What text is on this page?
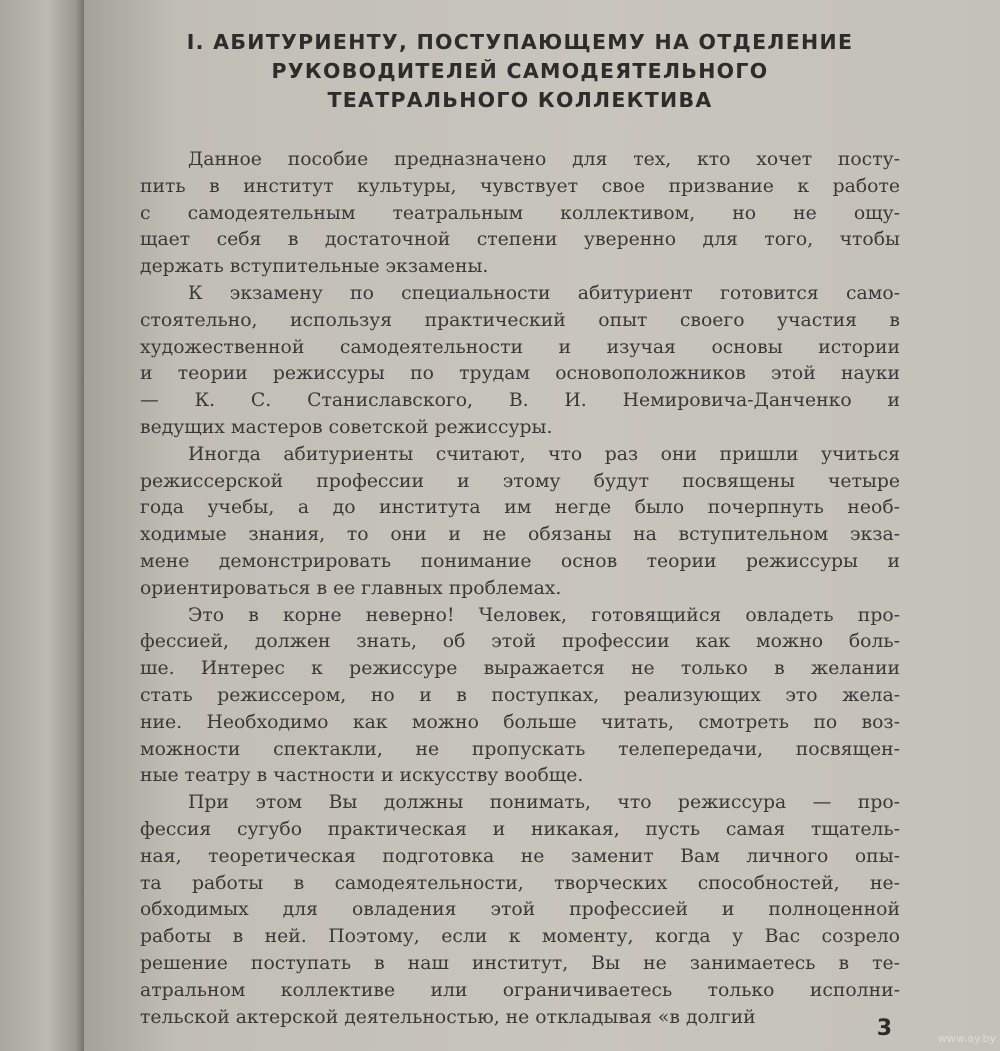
I. АБИТУРИЕНТУ, ПОСТУПАЮЩЕМУ НА ОТДЕЛЕНИЕ
РУКОВОДИТЕЛЕЙ САМОДЕЯТЕЛЬНОГО
ТЕАТРАЛЬНОГО КОЛЛЕКТИВА

Данное пособие предназначено для тех, кто хочет посту-
пить в институт культуры, чувствует свое призвание к работе
с самодеятельным театральным коллективом, но не ощу-
щает себя в достаточной степени уверенно для того, чтобы
держать вступительные экзамены.

К экзамену по специальности абитуриент готовится само-
стоятельно, используя практический опыт своего участия в
художественной самодеятельности и изучая основы истории
и теории режиссуры по трудам основоположников этой науки
— К. С. Станиславского, В. И. Немировича-Данченко и
ведущих мастеров советской режиссуры.

Иногда абитуриенты считают, что раз они пришли учиться
режиссерской профессии и этому будут посвящены четыре
года учебы, а до института им негде было почерпнуть необ-
ходимые знания, то они и не обязаны на вступительном экза-
мене демонстрировать понимание основ теории режиссуры и
ориентироваться в ее главных проблемах.

Это в корне неверно! Человек, готовящийся овладеть про-
фессией, должен знать, об этой профессии как можно боль-
ше. Интерес к режиссуре выражается не только в желании
стать режиссером, но и в поступках, реализующих это жела-
ние. Необходимо как можно больше читать, смотреть по воз-
можности спектакли, не пропускать телепередачи, посвящен-
ные театру в частности и искусству вообще.

При этом Вы должны понимать, что режиссура — про-
фессия сугубо практическая и никакая, пусть самая тщатель-
ная, теоретическая подготовка не заменит Вам личного опы-
та работы в самодеятельности, творческих способностей, не-
обходимых для овладения этой профессией и полноценной
работы в ней. Поэтому, если к моменту, когда у Вас созрело
решение поступать в наш институт, Вы не занимаетесь в те-
атральном коллективе или ограничиваетесь только исполни-
тельской актерской деятельностью, не откладывая «в долгий	3	www.ay.by
